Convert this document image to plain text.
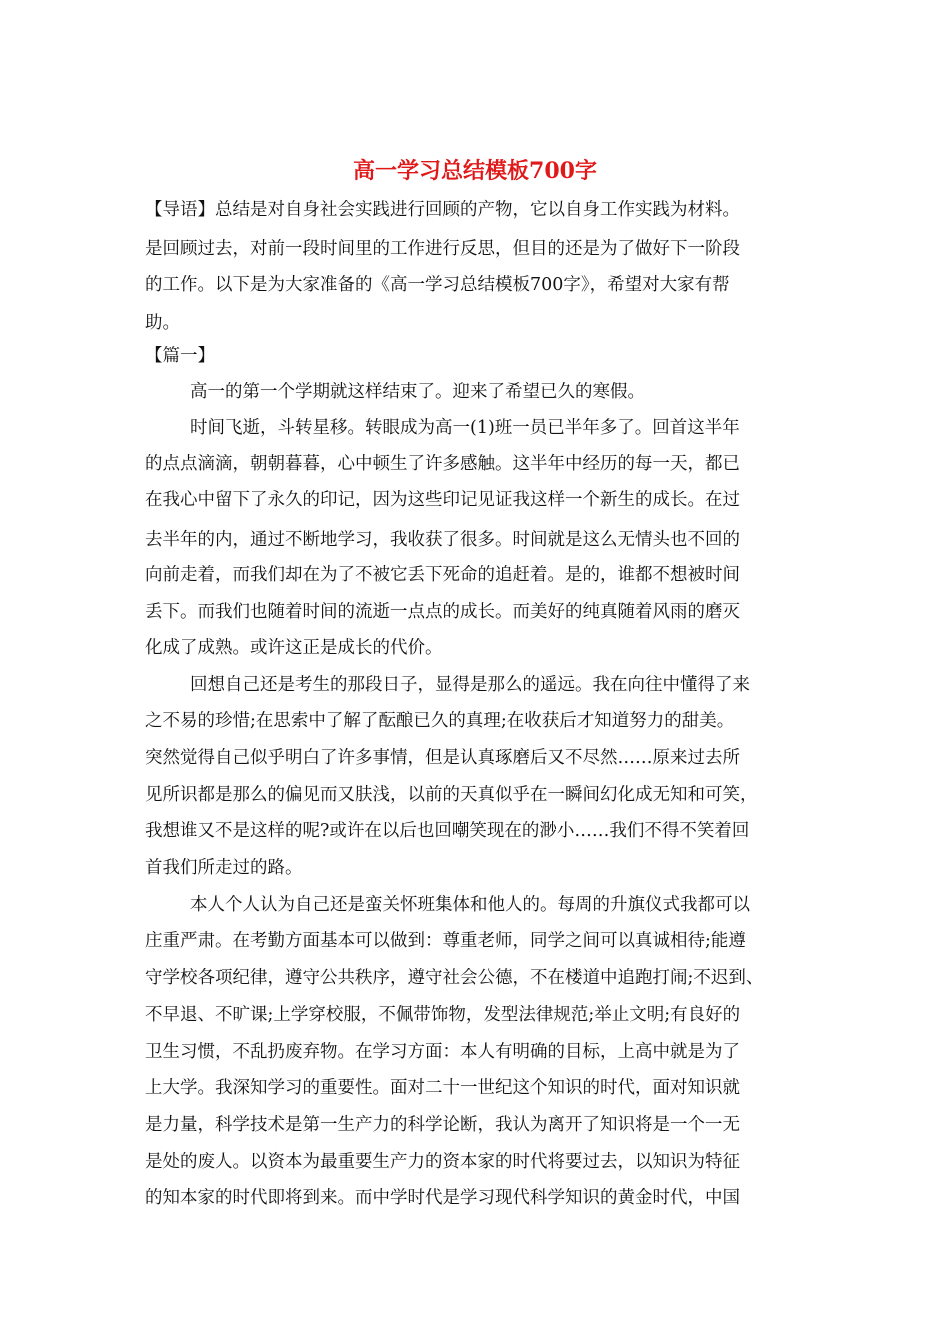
高一学习总结模板700字
【导语】总结是对自身社会实践进行回顾的产物，它以自身工作实践为材料。
是回顾过去，对前一段时间里的工作进行反思，但目的还是为了做好下一阶段
的工作。以下是为大家准备的《高一学习总结模板700字》，希望对大家有帮
助。
【篇一】
高一的第一个学期就这样结束了。迎来了希望已久的寒假。
时间飞逝，斗转星移。转眼成为高一(1)班一员已半年多了。回首这半年
的点点滴滴，朝朝暮暮，心中顿生了许多感触。这半年中经历的每一天，都已
在我心中留下了永久的印记，因为这些印记见证我这样一个新生的成长。在过
去半年的内，通过不断地学习，我收获了很多。时间就是这么无情头也不回的
向前走着，而我们却在为了不被它丢下死命的追赶着。是的，谁都不想被时间
丢下。而我们也随着时间的流逝一点点的成长。而美好的纯真随着风雨的磨灭
化成了成熟。或许这正是成长的代价。
回想自己还是考生的那段日子，显得是那么的遥远。我在向往中懂得了来
之不易的珍惜;在思索中了解了酝酿已久的真理;在收获后才知道努力的甜美。
突然觉得自己似乎明白了许多事情，但是认真琢磨后又不尽然……原来过去所
见所识都是那么的偏见而又肤浅，以前的天真似乎在一瞬间幻化成无知和可笑，
我想谁又不是这样的呢?或许在以后也回嘲笑现在的渺小……我们不得不笑着回
首我们所走过的路。
本人个人认为自己还是蛮关怀班集体和他人的。每周的升旗仪式我都可以
庄重严肃。在考勤方面基本可以做到：尊重老师，同学之间可以真诚相待;能遵
守学校各项纪律，遵守公共秩序，遵守社会公德，不在楼道中追跑打闹;不迟到、
不早退、不旷课;上学穿校服，不佩带饰物，发型法律规范;举止文明;有良好的
卫生习惯，不乱扔废弃物。在学习方面：本人有明确的目标，上高中就是为了
上大学。我深知学习的重要性。面对二十一世纪这个知识的时代，面对知识就
是力量，科学技术是第一生产力的科学论断，我认为离开了知识将是一个一无
是处的废人。以资本为最重要生产力的资本家的时代将要过去，以知识为特征
的知本家的时代即将到来。而中学时代是学习现代科学知识的黄金时代，中国
